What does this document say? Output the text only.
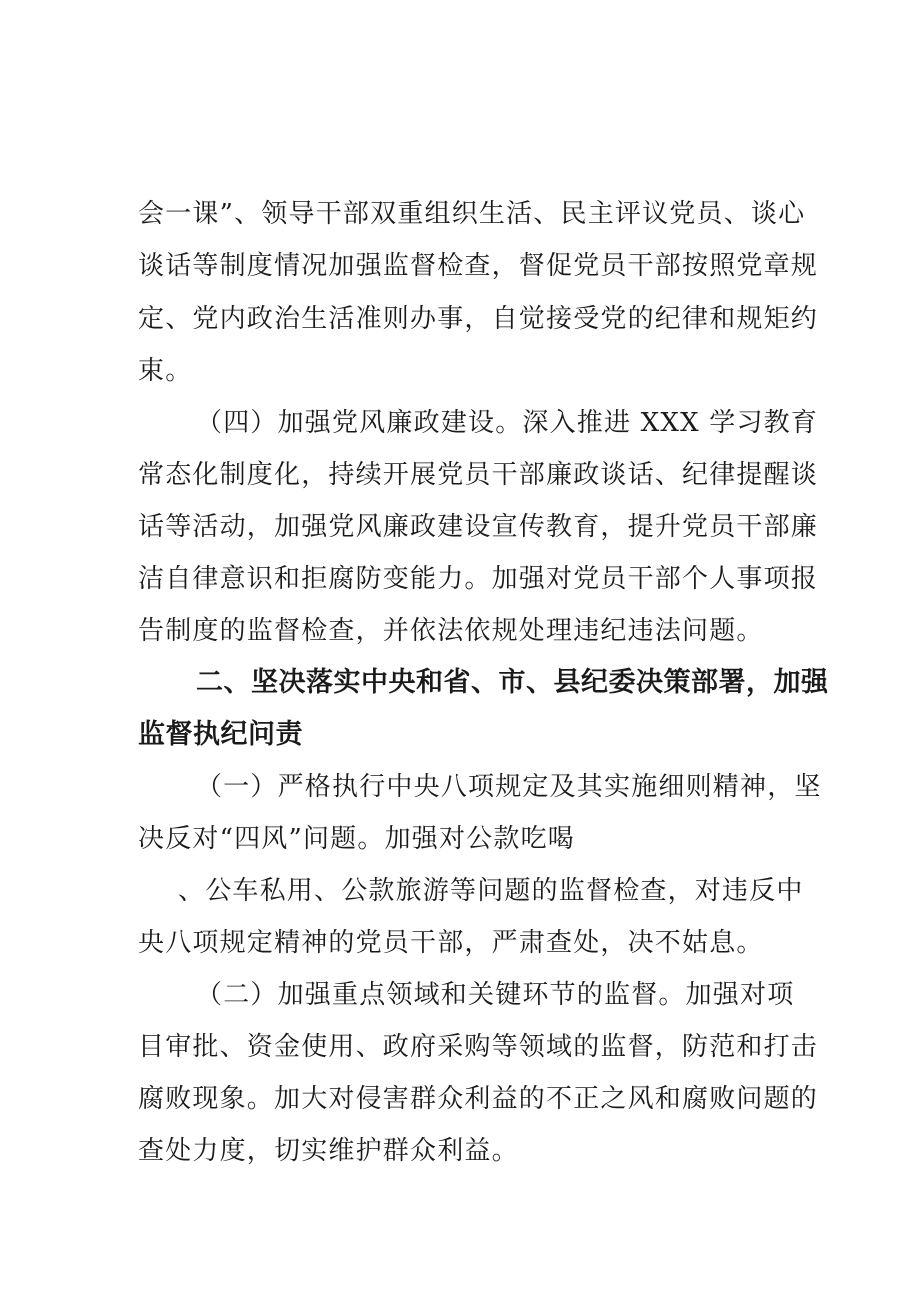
会一课”、领导干部双重组织生活、民主评议党员、谈心
谈话等制度情况加强监督检查，督促党员干部按照党章规
定、党内政治生活准则办事，自觉接受党的纪律和规矩约
束。
（四）加强党风廉政建设。深入推进 XXX 学习教育
常态化制度化，持续开展党员干部廉政谈话、纪律提醒谈
话等活动，加强党风廉政建设宣传教育，提升党员干部廉
洁自律意识和拒腐防变能力。加强对党员干部个人事项报
告制度的监督检查，并依法依规处理违纪违法问题。
二、坚决落实中央和省、市、县纪委决策部署，加强
监督执纪问责
（一）严格执行中央八项规定及其实施细则精神，坚
决反对“四风”问题。加强对公款吃喝
、公车私用、公款旅游等问题的监督检查，对违反中
央八项规定精神的党员干部，严肃查处，决不姑息。
（二）加强重点领域和关键环节的监督。加强对项
目审批、资金使用、政府采购等领域的监督，防范和打击
腐败现象。加大对侵害群众利益的不正之风和腐败问题的
查处力度，切实维护群众利益。
